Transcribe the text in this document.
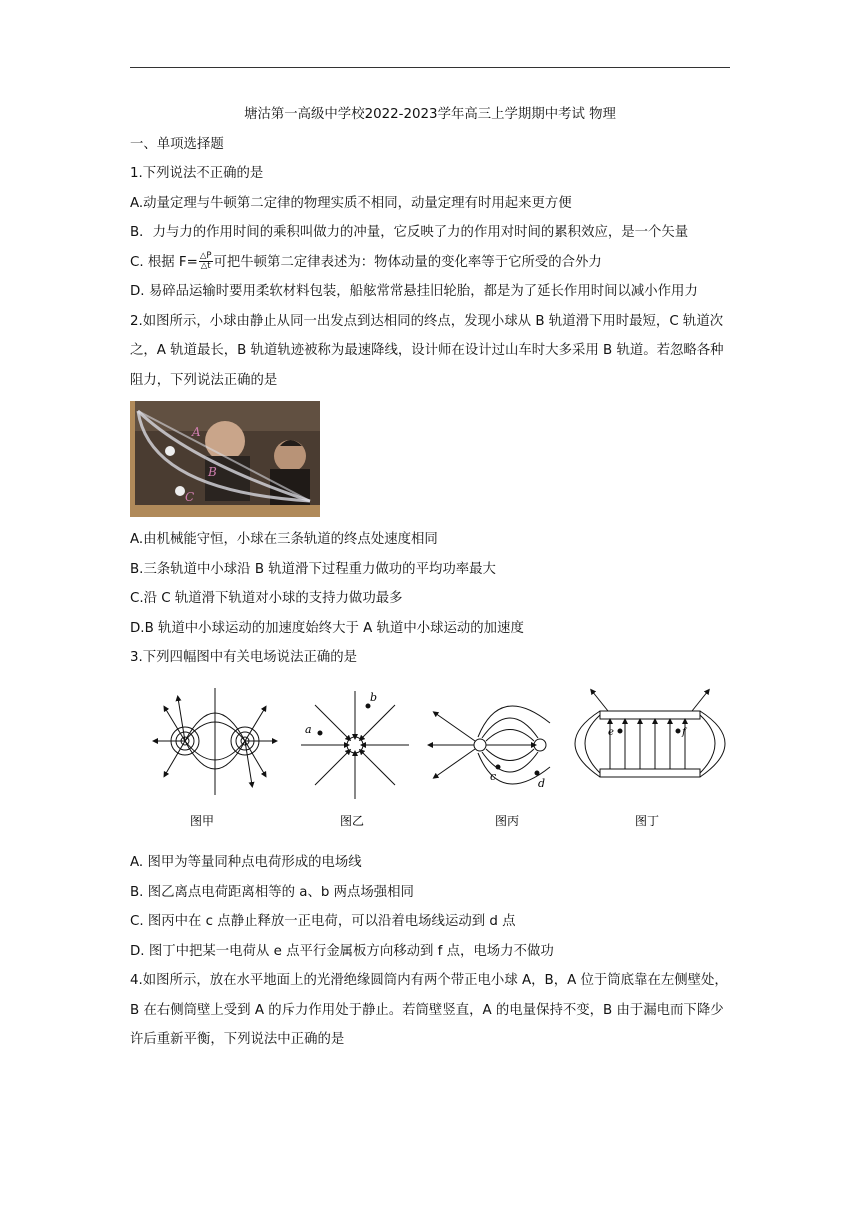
塘沽第一高级中学校2022-2023学年高三上学期期中考试 物理

一、单项选择题

1.下列说法不正确的是

A.动量定理与牛顿第二定律的物理实质不相同，动量定理有时用起来更方便

B．力与力的作用时间的乘积叫做力的冲量，它反映了力的作用对时间的累积效应，是一个矢量

C. 根据 $F= \frac{\triangle P}{\triangle t}$ 可把牛顿第二定律表述为：物体动量的变化率等于它所受的合外力

D. 易碎品运输时要用柔软材料包装，船舷常常悬挂旧轮胎，都是为了延长作用时间以减小作用力

2.如图所示，小球由静止从同一出发点到达相同的终点，发现小球从 B 轨道滑下用时最短，C 轨道次之，A 轨道最长，B 轨道轨迹被称为最速降线，设计师在设计过山车时大多采用 B 轨道。若忽略各种阻力，下列说法正确的是

A
B
C

A.由机械能守恒，小球在三条轨道的终点处速度相同

B.三条轨道中小球沿 B 轨道滑下过程重力做功的平均功率最大

C.沿 C 轨道滑下轨道对小球的支持力做功最多

D.B 轨道中小球运动的加速度始终大于 A 轨道中小球运动的加速度

3.下列四幅图中有关电场说法正确的是

a
b
c
d
e	f
图甲	图乙	图丙	图丁

A. 图甲为等量同种点电荷形成的电场线

B. 图乙离点电荷距离相等的 a、b 两点场强相同

C. 图丙中在 c 点静止释放一正电荷，可以沿着电场线运动到 d 点

D. 图丁中把某一电荷从 e 点平行金属板方向移动到 f 点，电场力不做功

4.如图所示，放在水平地面上的光滑绝缘圆筒内有两个带正电小球 A，B，A 位于筒底靠在左侧壁处，B 在右侧筒壁上受到 A 的斥力作用处于静止。若筒壁竖直，A 的电量保持不变，B 由于漏电而下降少许后重新平衡，下列说法中正确的是
